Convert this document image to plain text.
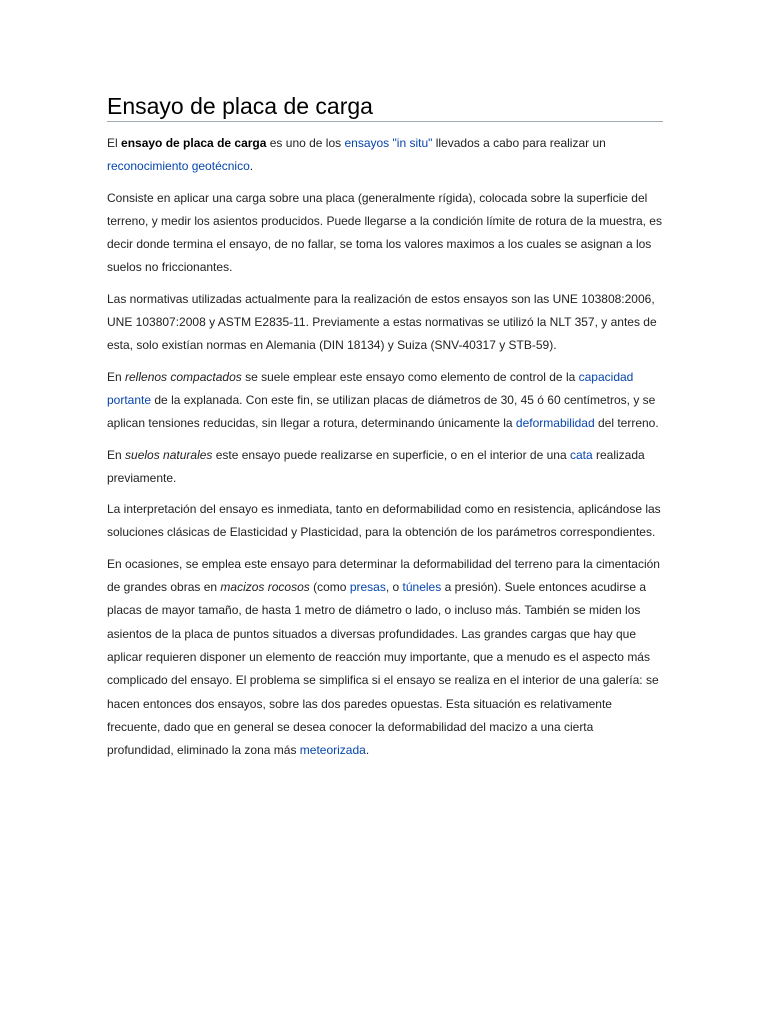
Ensayo de placa de carga

El ensayo de placa de carga es uno de los ensayos "in situ" llevados a cabo para realizar un reconocimiento geotécnico.

Consiste en aplicar una carga sobre una placa (generalmente rígida), colocada sobre la superficie del terreno, y medir los asientos producidos. Puede llegarse a la condición límite de rotura de la muestra, es decir donde termina el ensayo, de no fallar, se toma los valores maximos a los cuales se asignan a los suelos no friccionantes.

Las normativas utilizadas actualmente para la realización de estos ensayos son las UNE 103808:2006, UNE 103807:2008 y ASTM E2835-11. Previamente a estas normativas se utilizó la NLT 357, y antes de esta, solo existían normas en Alemania (DIN 18134) y Suiza (SNV-40317 y STB-59).

En rellenos compactados se suele emplear este ensayo como elemento de control de la capacidad portante de la explanada. Con este fin, se utilizan placas de diámetros de 30, 45 ó 60 centímetros, y se aplican tensiones reducidas, sin llegar a rotura, determinando únicamente la deformabilidad del terreno.

En suelos naturales este ensayo puede realizarse en superficie, o en el interior de una cata realizada previamente.

La interpretación del ensayo es inmediata, tanto en deformabilidad como en resistencia, aplicándose las soluciones clásicas de Elasticidad y Plasticidad, para la obtención de los parámetros correspondientes.

En ocasiones, se emplea este ensayo para determinar la deformabilidad del terreno para la cimentación de grandes obras en macizos rocosos (como presas, o túneles a presión). Suele entonces acudirse a placas de mayor tamaño, de hasta 1 metro de diámetro o lado, o incluso más. También se miden los asientos de la placa de puntos situados a diversas profundidades. Las grandes cargas que hay que aplicar requieren disponer un elemento de reacción muy importante, que a menudo es el aspecto más complicado del ensayo. El problema se simplifica si el ensayo se realiza en el interior de una galería: se hacen entonces dos ensayos, sobre las dos paredes opuestas. Esta situación es relativamente frecuente, dado que en general se desea conocer la deformabilidad del macizo a una cierta profundidad, eliminado la zona más meteorizada.
